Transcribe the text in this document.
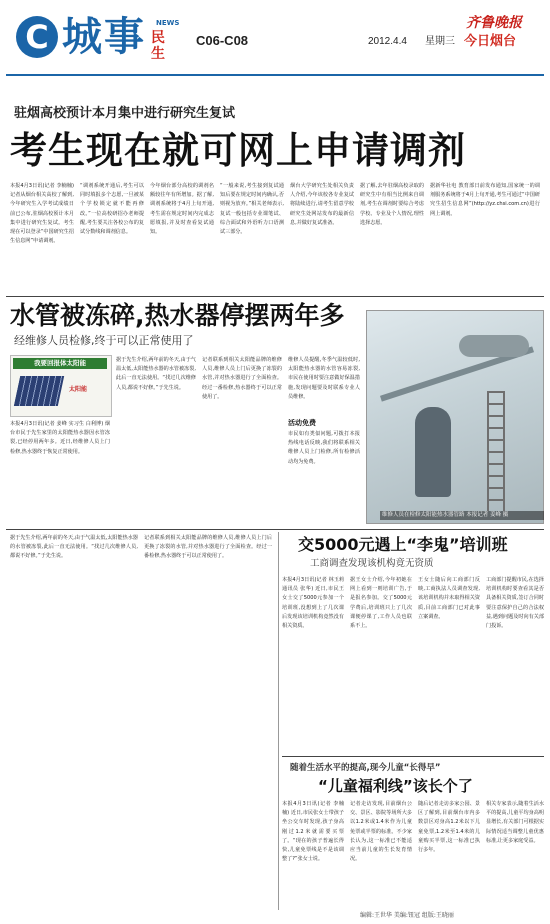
C 城事 NEWS
民生
C06-C08	2012.4.4 星期三
齐鲁晚报
今日烟台
驻烟高校预计本月集中进行研究生复试
考生现在就可网上申请调剂
本报4月3日讯(记者 李楠楠) 记者从烟台相关高校了解到,今年研究生入学考试成绩日前已公布,驻烟高校预计本月集中进行研究生复试。考生现在可以登录“中国研究生招生信息网”申请调剂。
“调剂系统开通后,考生可以同时填报多个志愿,一旦被某个学校锁定就不能再修改。”一位高校研招办老师提醒,考生要关注各校公布的复试分数线和调剂信息。
今年烟台部分高校的调剂名额较往年有所增加。据了解,调剂系统将于4月上旬开通,考生需在规定时间内完成志愿填报,并及时查看复试通知。
“一般来说,考生接到复试通知后要在规定时间内确认,否则视为放弃。”相关老师表示,复试一般包括专业课笔试、综合面试和外语听力口语测试三部分。
烟台大学研究生处相关负责人介绍,今年该校各专业复试将陆续进行,请考生留意学校研究生处网站发布的最新信息,并做好复试准备。
据了解,去年驻烟高校录取的研究生中有相当比例来自调剂,考生在调剂时要综合考虑学校、专业及个人情况,理性选择志愿。
据新华社电 教育部日前发布通知,国家统一的调剂服务系统将于4月上旬开通,考生可通过“中国研究生招生信息网”(http://yz.chsi.com.cn)进行网上调剂。
水管被冻碎,热水器停摆两年多
经维修人员检修,终于可以正常使用了
我要回报体太阳能
太阳能
本报4月3日讯(记者 姜峰 实习生 白利博) 烟台市民于先生家里的太阳能热水器因水管冻裂,已经停用两年多。近日,经维修人员上门检修,热水器终于恢复正常使用。
据于先生介绍,两年前的冬天,由于气温太低,太阳能热水器的水管被冻裂,此后一直无法使用。“找过几次维修人员,都说不好修。”于先生说。
记者联系到相关太阳能品牌的维修人员,维修人员上门后更换了冻裂的水管,并对热水器进行了全面检查。经过一番检修,热水器终于可以正常使用了。
维修人员提醒,冬季气温较低时,太阳能热水器的水管容易冻裂,市民在使用时要注意做好保温措施,发现问题要及时联系专业人员维修。
活动免费
市民如有类似问题,可拨打本报热线电话反映,我们将联系相关维修人员上门检修,所有检修活动均为免费。
维修人员在检修太阳能热水器管路 本报记者 姜峰 摄
交5000元遇上“李鬼”培训班
工商调查发现该机构竟无资质
本报4月3日讯(记者 林玉莉 通讯员 张华) 近日,市民王女士交了5000元参加一个培训班,没想到上了几次课后发现该培训机构竟然没有相关资质。
据王女士介绍,今年初她在网上看到一则培训广告,于是报名参加。交了5000元学费后,培训班只上了几次课便停课了,工作人员也联系不上。
王女士随后向工商部门反映,工商执法人员调查发现,该培训机构并未取得相关资质,目前工商部门已对此事立案调查。
工商部门提醒市民,在选择培训机构时要查看其是否具备相关资质,签订合同时要注意保护自己的合法权益,遇到问题及时向有关部门投诉。
随着生活水平的提高,现今儿童“长得早”
“儿童福利线”该长个了
本报4月3日讯(记者 李楠楠) 近日,市民张女士带孩子坐公交车时发现,孩子身高刚过1.2米就需要买票了。“现在的孩子普遍长得快,儿童免票线是不是该调整了?”张女士说。
记者走访发现,目前烟台公交、景区、影院等场所大多以1.2米或1.4米作为儿童免票或半票的标准。不少家长认为,这一标准已不能适应当前儿童的生长发育情况。
随后记者走访多家公园、景区了解到,目前烟台市内多数景区对身高1.2米以下儿童免票,1.2米至1.4米的儿童购买半票,这一标准已执行多年。
相关专家表示,随着生活水平的提高,儿童平均身高明显增长,有关部门可根据实际情况适当调整儿童优惠标准,让更多家庭受益。
据于先生介绍,两年前的冬天,由于气温太低,太阳能热水器的水管被冻裂,此后一直无法使用。“找过几次维修人员,都说不好修。”于先生说。
记者联系到相关太阳能品牌的维修人员,维修人员上门后更换了冻裂的水管,并对热水器进行了全面检查。经过一番检修,热水器终于可以正常使用了。
编辑:王世华 美编:钮冠 组版:王晓丽
